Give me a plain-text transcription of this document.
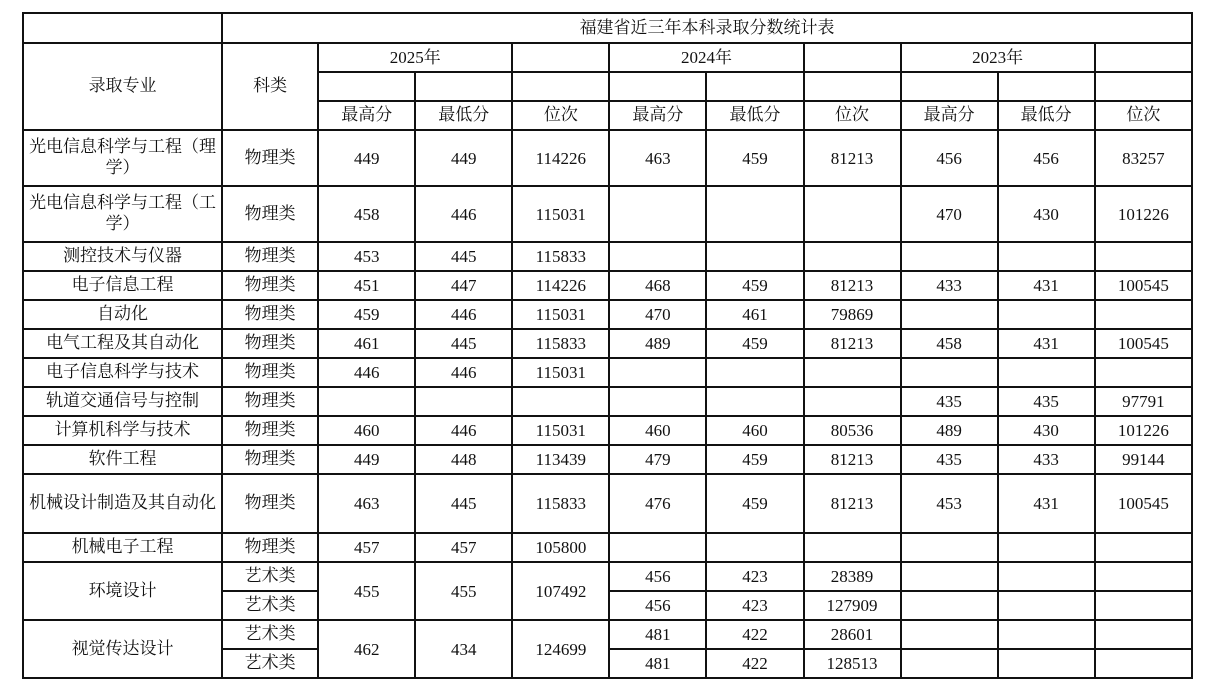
	福建省近三年本科录取分数统计表									
录取专业	科类	2025年			2024年			2023年		

		最高分	最低分	位次	最高分	最低分	位次	最高分	最低分	位次
光电信息科学与工程（理学）	物理类	449	449	114226	463	459	81213	456	456	83257
光电信息科学与工程（工学）	物理类	458	446	115031				470	430	101226
测控技术与仪器	物理类	453	445	115833						
电子信息工程	物理类	451	447	114226	468	459	81213	433	431	100545
自动化	物理类	459	446	115031	470	461	79869			
电气工程及其自动化	物理类	461	445	115833	489	459	81213	458	431	100545
电子信息科学与技术	物理类	446	446	115031						
轨道交通信号与控制	物理类							435	435	97791
计算机科学与技术	物理类	460	446	115031	460	460	80536	489	430	101226
软件工程	物理类	449	448	113439	479	459	81213	435	433	99144
机械设计制造及其自动化	物理类	463	445	115833	476	459	81213	453	431	100545
机械电子工程	物理类	457	457	105800						
环境设计	艺术类	455	455	107492	456	423	28389			
	艺术类				456	423	127909			
视觉传达设计	艺术类	462	434	124699	481	422	28601			
	艺术类				481	422	128513			
